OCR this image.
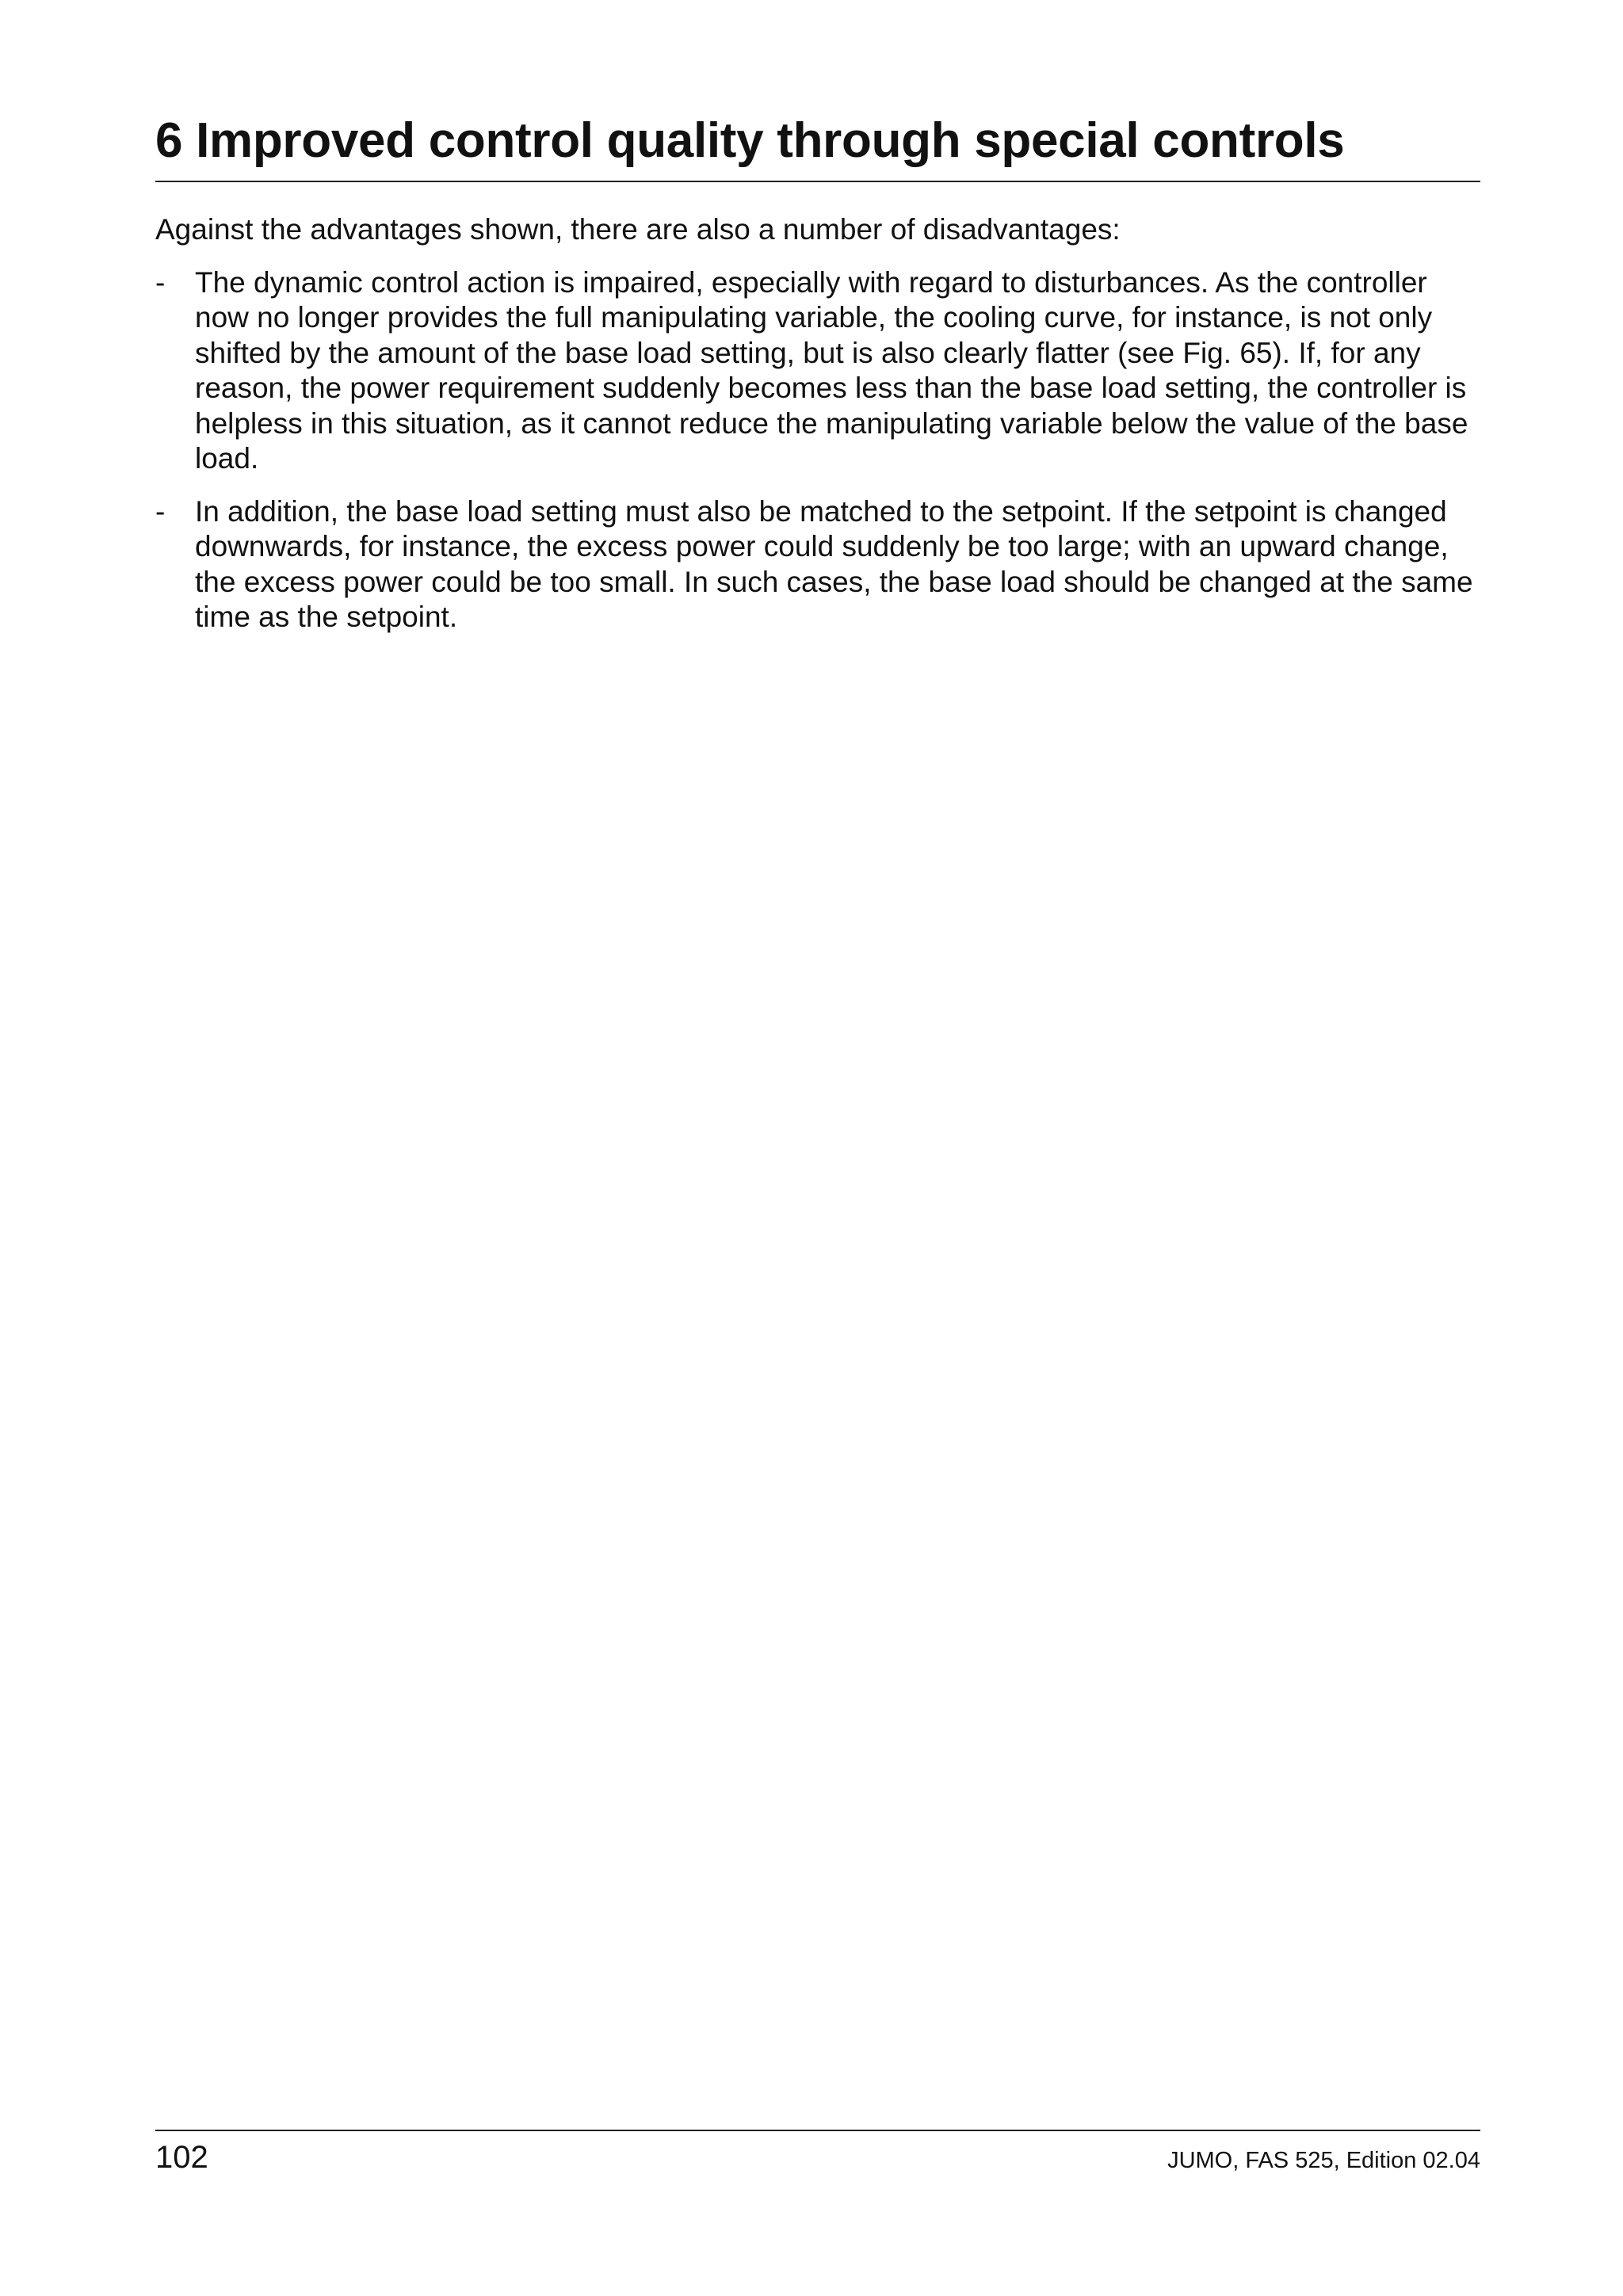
6 Improved control quality through special controls

Against the advantages shown, there are also a number of disadvantages:

- The dynamic control action is impaired, especially with regard to disturbances. As the controller now no longer provides the full manipulating variable, the cooling curve, for instance, is not only shifted by the amount of the base load setting, but is also clearly flatter (see Fig. 65). If, for any reason, the power requirement suddenly becomes less than the base load setting, the controller is helpless in this situation, as it cannot reduce the manipulating variable below the value of the base load.
- In addition, the base load setting must also be matched to the setpoint. If the setpoint is changed downwards, for instance, the excess power could suddenly be too large; with an upward change, the excess power could be too small. In such cases, the base load should be changed at the same time as the setpoint.
102	JUMO, FAS 525, Edition 02.04
